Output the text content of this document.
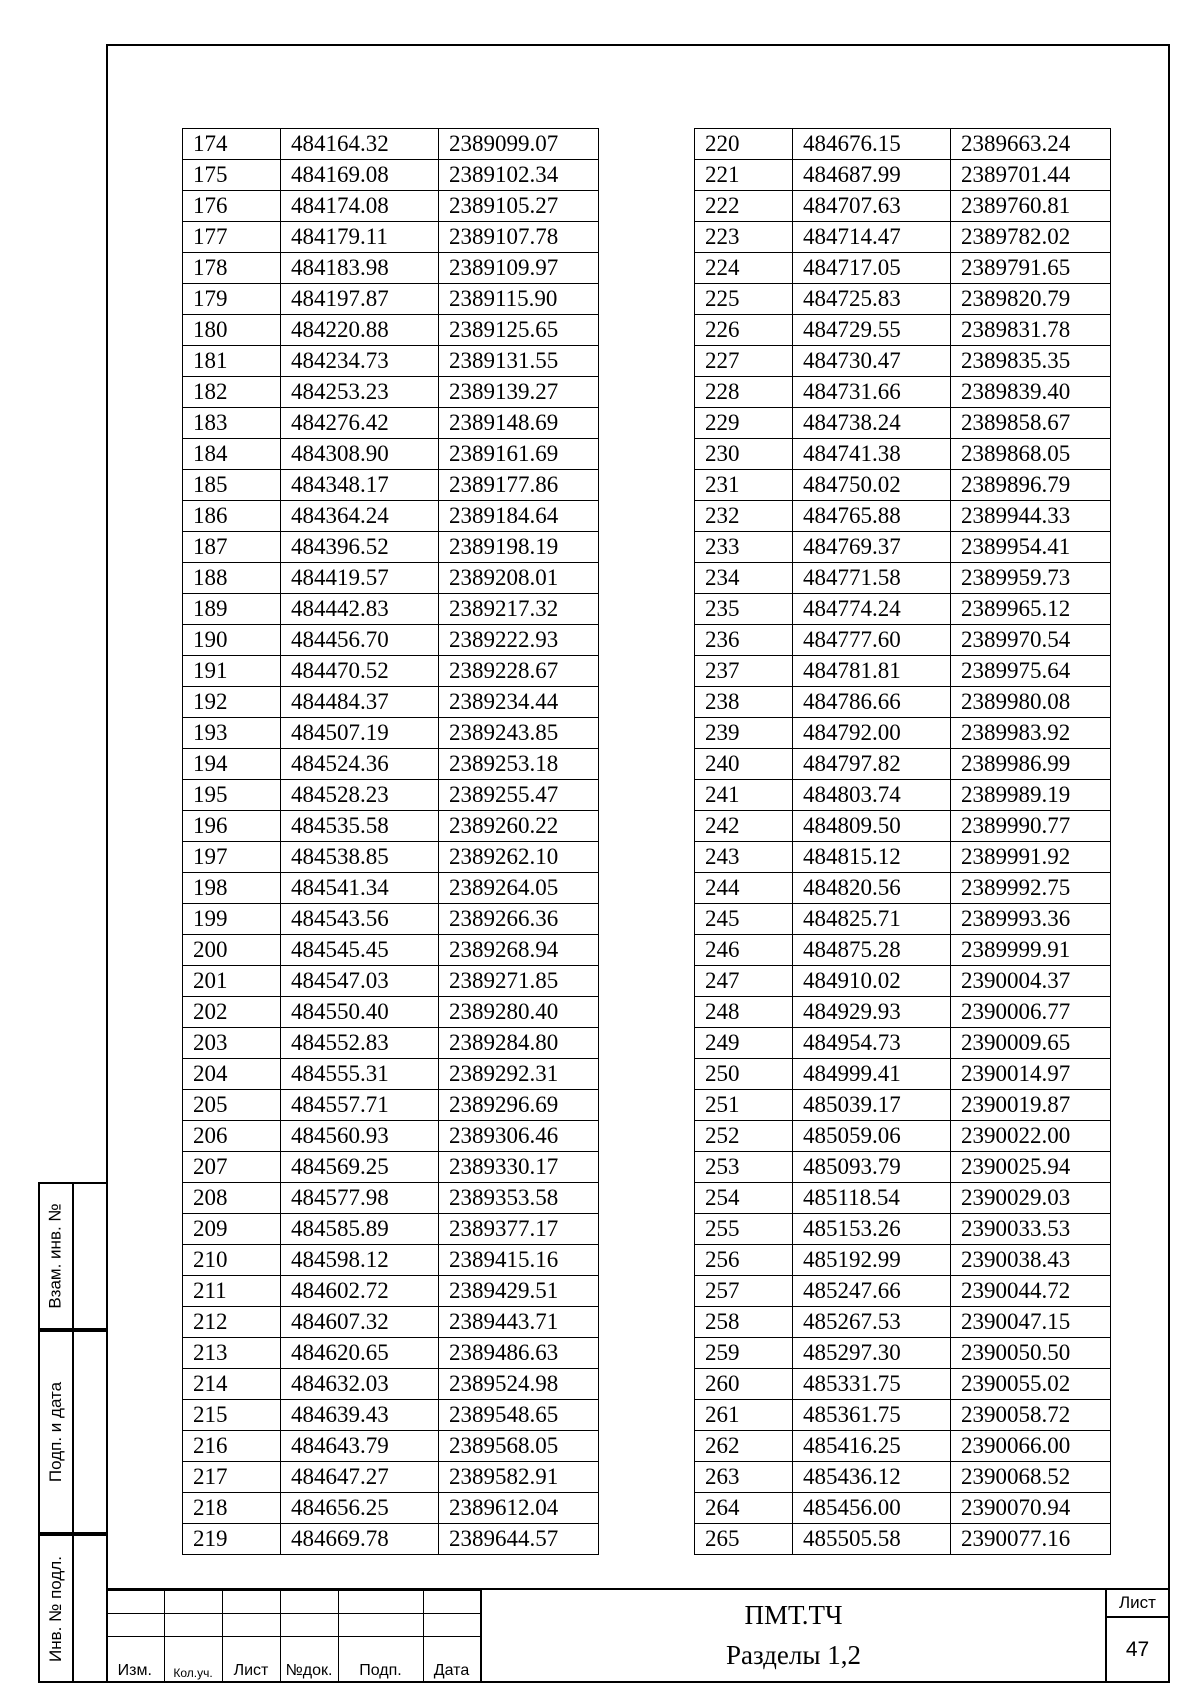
174	484164.32	2389099.07
175	484169.08	2389102.34
176	484174.08	2389105.27
177	484179.11	2389107.78
178	484183.98	2389109.97
179	484197.87	2389115.90
180	484220.88	2389125.65
181	484234.73	2389131.55
182	484253.23	2389139.27
183	484276.42	2389148.69
184	484308.90	2389161.69
185	484348.17	2389177.86
186	484364.24	2389184.64
187	484396.52	2389198.19
188	484419.57	2389208.01
189	484442.83	2389217.32
190	484456.70	2389222.93
191	484470.52	2389228.67
192	484484.37	2389234.44
193	484507.19	2389243.85
194	484524.36	2389253.18
195	484528.23	2389255.47
196	484535.58	2389260.22
197	484538.85	2389262.10
198	484541.34	2389264.05
199	484543.56	2389266.36
200	484545.45	2389268.94
201	484547.03	2389271.85
202	484550.40	2389280.40
203	484552.83	2389284.80
204	484555.31	2389292.31
205	484557.71	2389296.69
206	484560.93	2389306.46
207	484569.25	2389330.17
208	484577.98	2389353.58
209	484585.89	2389377.17
210	484598.12	2389415.16
211	484602.72	2389429.51
212	484607.32	2389443.71
213	484620.65	2389486.63
214	484632.03	2389524.98
215	484639.43	2389548.65
216	484643.79	2389568.05
217	484647.27	2389582.91
218	484656.25	2389612.04
219	484669.78	2389644.57
220	484676.15	2389663.24
221	484687.99	2389701.44
222	484707.63	2389760.81
223	484714.47	2389782.02
224	484717.05	2389791.65
225	484725.83	2389820.79
226	484729.55	2389831.78
227	484730.47	2389835.35
228	484731.66	2389839.40
229	484738.24	2389858.67
230	484741.38	2389868.05
231	484750.02	2389896.79
232	484765.88	2389944.33
233	484769.37	2389954.41
234	484771.58	2389959.73
235	484774.24	2389965.12
236	484777.60	2389970.54
237	484781.81	2389975.64
238	484786.66	2389980.08
239	484792.00	2389983.92
240	484797.82	2389986.99
241	484803.74	2389989.19
242	484809.50	2389990.77
243	484815.12	2389991.92
244	484820.56	2389992.75
245	484825.71	2389993.36
246	484875.28	2389999.91
247	484910.02	2390004.37
248	484929.93	2390006.77
249	484954.73	2390009.65
250	484999.41	2390014.97
251	485039.17	2390019.87
252	485059.06	2390022.00
253	485093.79	2390025.94
254	485118.54	2390029.03
255	485153.26	2390033.53
256	485192.99	2390038.43
257	485247.66	2390044.72
258	485267.53	2390047.15
259	485297.30	2390050.50
260	485331.75	2390055.02
261	485361.75	2390058.72
262	485416.25	2390066.00
263	485436.12	2390068.52
264	485456.00	2390070.94
265	485505.58	2390077.16
Взам. инв. №
Подп. и дата
Инв. № подл.

Изм.	Кол.уч.	Лист	№док.	Подп.	Дата
ПМТ.ТЧ
Разделы 1,2
Лист
47
